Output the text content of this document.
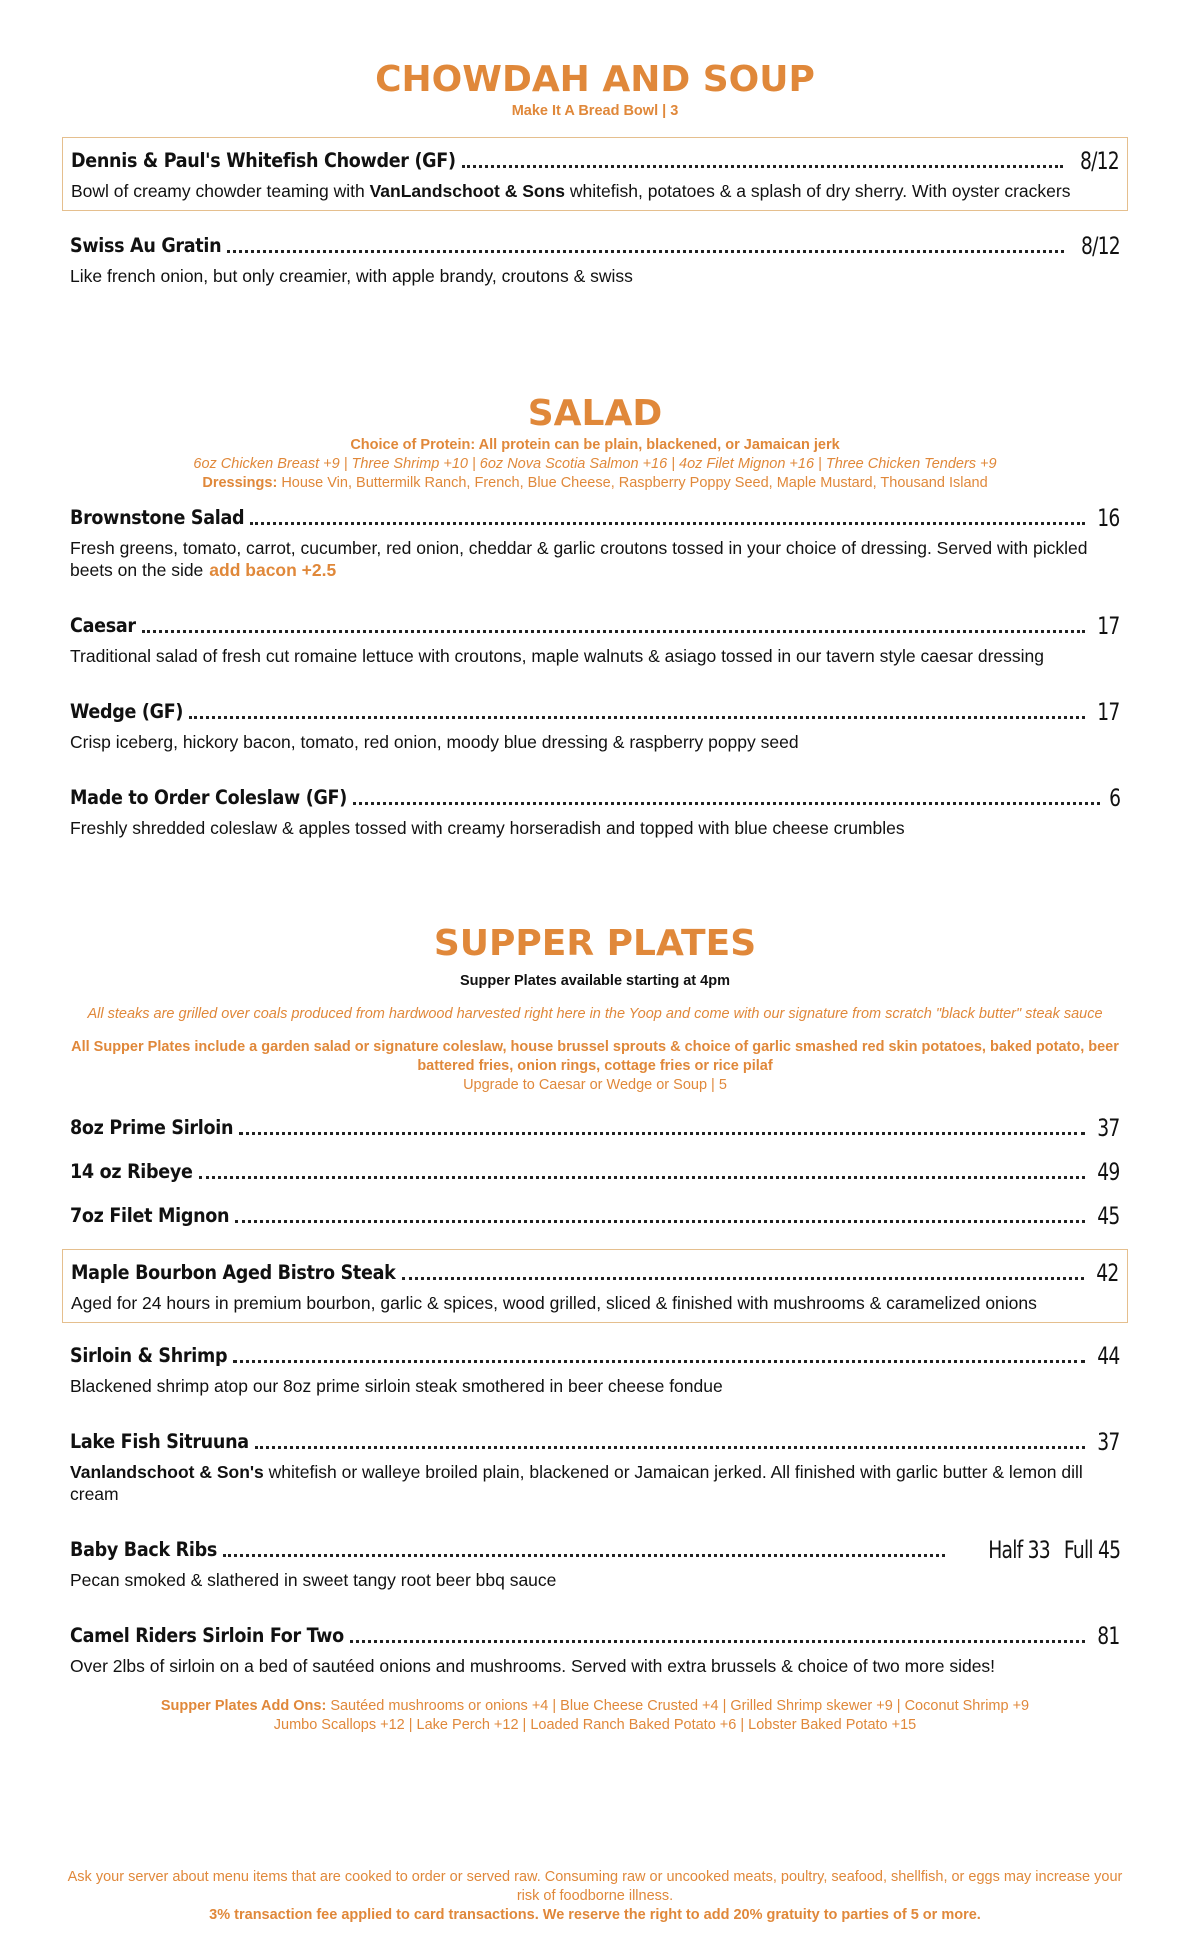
CHOWDAH AND SOUP

Make It A Bread Bowl | 3

Dennis & Paul's Whitefish Chowder (GF)	8/12
Bowl of creamy chowder teaming with VanLandschoot & Sons whitefish, potatoes & a splash of dry sherry. With oyster crackers
Swiss Au Gratin	8/12
Like french onion, but only creamier, with apple brandy, croutons & swiss
SALAD

Choice of Protein: All protein can be plain, blackened, or Jamaican jerk

6oz Chicken Breast +9 | Three Shrimp +10 | 6oz Nova Scotia Salmon +16 | 4oz Filet Mignon +16 | Three Chicken Tenders +9

Dressings: House Vin, Buttermilk Ranch, French, Blue Cheese, Raspberry Poppy Seed, Maple Mustard, Thousand Island

Brownstone Salad	16
Fresh greens, tomato, carrot, cucumber, red onion, cheddar & garlic croutons tossed in your choice of dressing. Served with pickled beets on the side add bacon +2.5
Caesar	17
Traditional salad of fresh cut romaine lettuce with croutons, maple walnuts & asiago tossed in our tavern style caesar dressing
Wedge (GF)	17
Crisp iceberg, hickory bacon, tomato, red onion, moody blue dressing & raspberry poppy seed
Made to Order Coleslaw (GF)	6
Freshly shredded coleslaw & apples tossed with creamy horseradish and topped with blue cheese crumbles
SUPPER PLATES

Supper Plates available starting at 4pm

All steaks are grilled over coals produced from hardwood harvested right here in the Yoop and come with our signature from scratch "black butter" steak sauce

All Supper Plates include a garden salad or signature coleslaw, house brussel sprouts & choice of garlic smashed red skin potatoes, baked potato, beer battered fries, onion rings, cottage fries or rice pilaf

Upgrade to Caesar or Wedge or Soup | 5

8oz Prime Sirloin	37
14 oz Ribeye	49
7oz Filet Mignon	45
Maple Bourbon Aged Bistro Steak	42
Aged for 24 hours in premium bourbon, garlic & spices, wood grilled, sliced & finished with mushrooms & caramelized onions
Sirloin & Shrimp	44
Blackened shrimp atop our 8oz prime sirloin steak smothered in beer cheese fondue
Lake Fish Sitruuna	37
Vanlandschoot & Son's whitefish or walleye broiled plain, blackened or Jamaican jerked. All finished with garlic butter & lemon dill cream
Baby Back Ribs	Half 33 Full 45
Pecan smoked & slathered in sweet tangy root beer bbq sauce
Camel Riders Sirloin For Two	81
Over 2lbs of sirloin on a bed of sautéed onions and mushrooms. Served with extra brussels & choice of two more sides!

Supper Plates Add Ons: Sautéed mushrooms or onions +4 | Blue Cheese Crusted +4 | Grilled Shrimp skewer +9 | Coconut Shrimp +9
Jumbo Scallops +12 | Lake Perch +12 | Loaded Ranch Baked Potato +6 | Lobster Baked Potato +15

Ask your server about menu items that are cooked to order or served raw. Consuming raw or uncooked meats, poultry, seafood, shellfish, or eggs may increase your risk of foodborne illness.

3% transaction fee applied to card transactions. We reserve the right to add 20% gratuity to parties of 5 or more.
